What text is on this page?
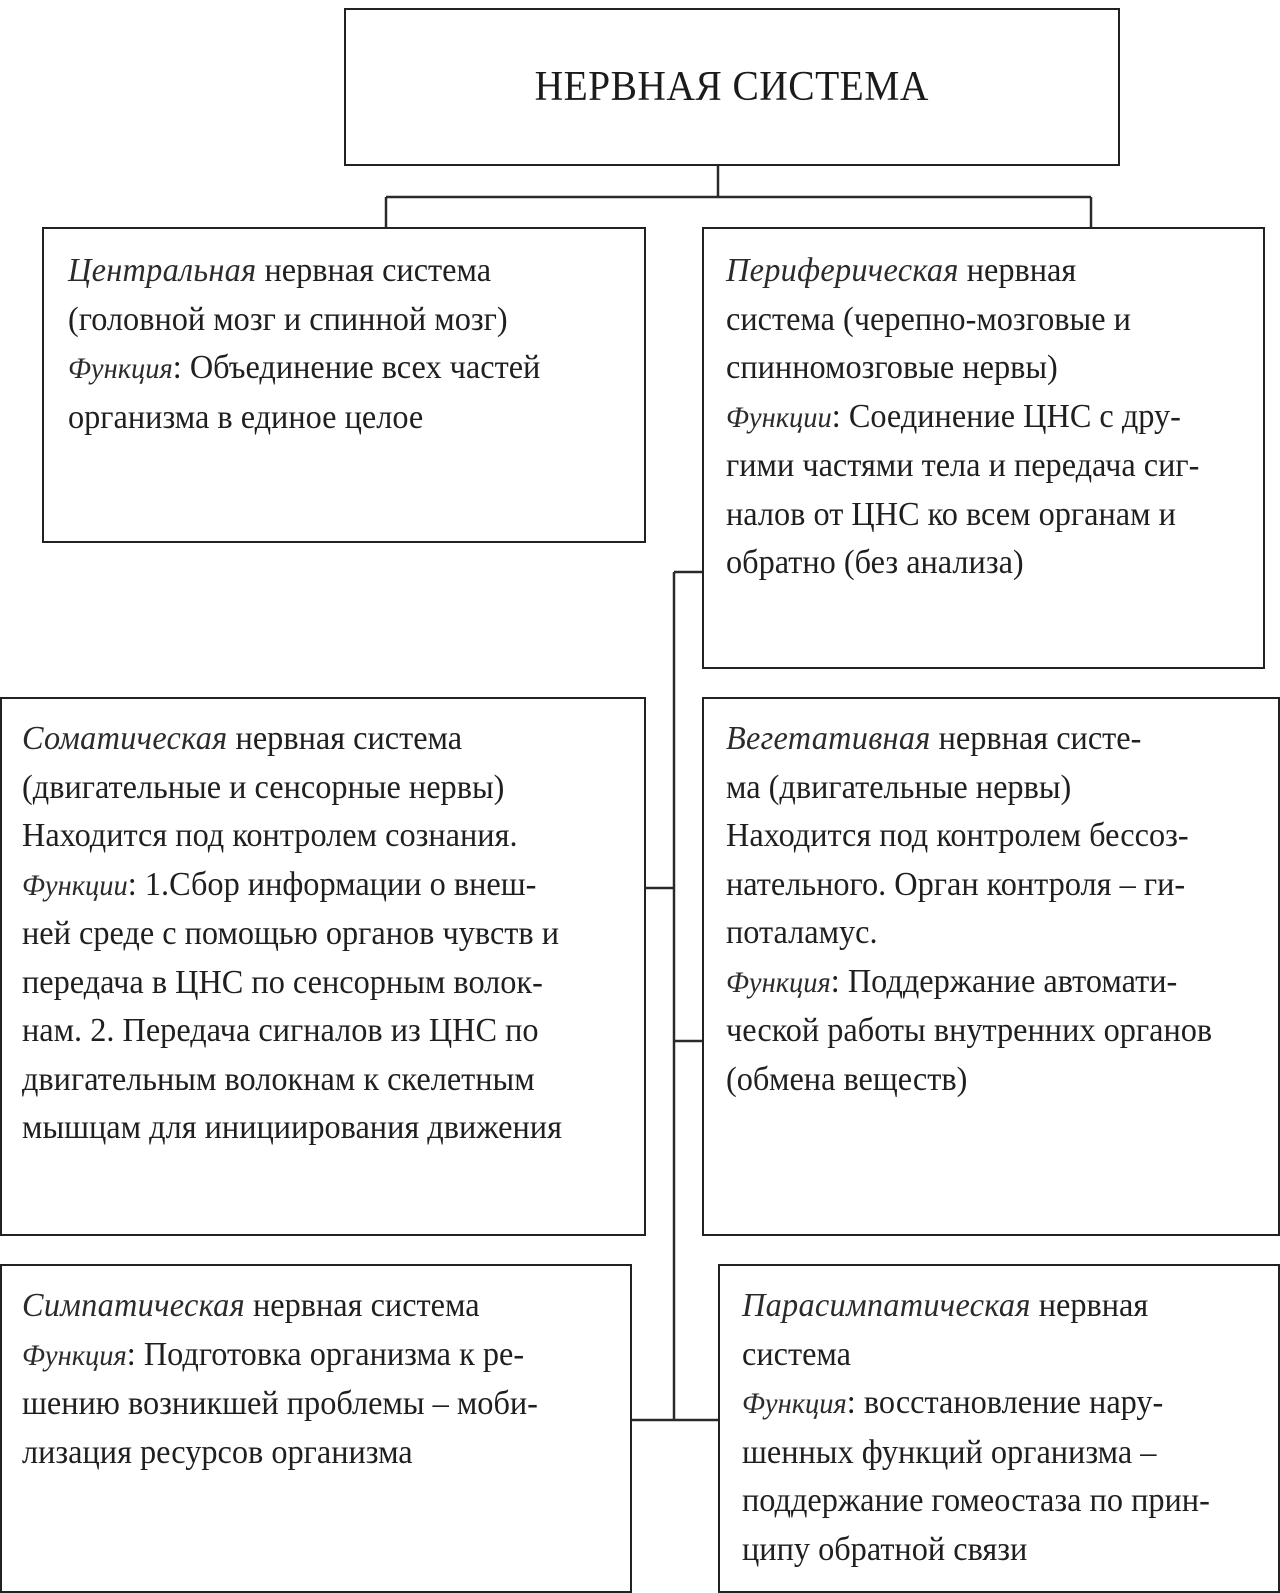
НЕРВНАЯ СИСТЕМА
Центральная нервная система
(головной мозг и спинной мозг)
Функция: Объединение всех частей
организма в единое целое
Периферическая нервная
система (черепно-мозговые и
спинномозговые нервы)
Функции: Соединение ЦНС с дру-
гими частями тела и передача сиг-
налов от ЦНС ко всем органам и
обратно (без анализа)
Соматическая нервная система
(двигательные и сенсорные нервы)
Находится под контролем сознания.
Функции: 1.Сбор информации о внеш-
ней среде с помощью органов чувств и
передача в ЦНС по сенсорным волок-
нам. 2. Передача сигналов из ЦНС по
двигательным волокнам к скелетным
мышцам для инициирования движения
Вегетативная нервная систе-
ма (двигательные нервы)
Находится под контролем бессоз-
нательного. Орган контроля – ги-
поталамус.
Функция: Поддержание автомати-
ческой работы внутренних органов
(обмена веществ)
Симпатическая нервная система
Функция: Подготовка организма к ре-
шению возникшей проблемы – моби-
лизация ресурсов организма
Парасимпатическая нервная
система
Функция: восстановление нару-
шенных функций организма –
поддержание гомеостаза по прин-
ципу обратной связи
